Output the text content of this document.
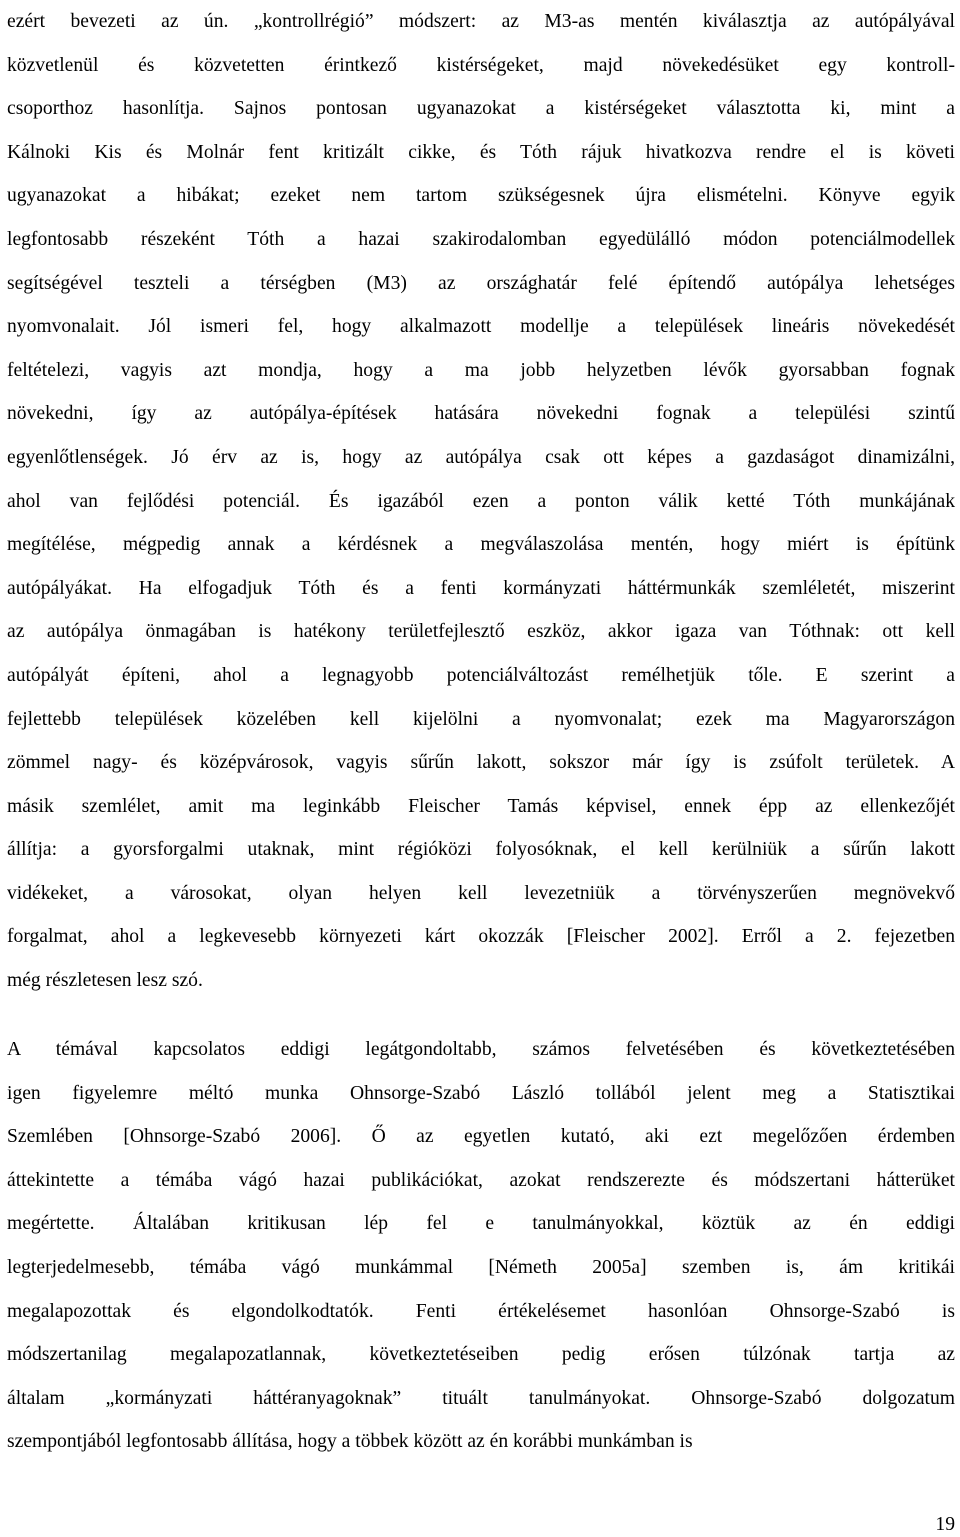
ezért bevezeti az ún. „kontrollrégió” módszert: az M3-as mentén kiválasztja az autópályával
közvetlenül és közvetetten érintkező kistérségeket, majd növekedésüket egy kontroll-
csoporthoz hasonlítja. Sajnos pontosan ugyanazokat a kistérségeket választotta ki, mint a
Kálnoki Kis és Molnár fent kritizált cikke, és Tóth rájuk hivatkozva rendre el is követi
ugyanazokat a hibákat; ezeket nem tartom szükségesnek újra elismételni. Könyve egyik
legfontosabb részeként Tóth a hazai szakirodalomban egyedülálló módon potenciálmodellek
segítségével teszteli a térségben (M3) az országhatár felé építendő autópálya lehetséges
nyomvonalait. Jól ismeri fel, hogy alkalmazott modellje a települések lineáris növekedését
feltételezi, vagyis azt mondja, hogy a ma jobb helyzetben lévők gyorsabban fognak
növekedni, így az autópálya-építések hatására növekedni fognak a települési szintű
egyenlőtlenségek. Jó érv az is, hogy az autópálya csak ott képes a gazdaságot dinamizálni,
ahol van fejlődési potenciál. És igazából ezen a ponton válik ketté Tóth munkájának
megítélése, mégpedig annak a kérdésnek a megválaszolása mentén, hogy miért is építünk
autópályákat. Ha elfogadjuk Tóth és a fenti kormányzati háttérmunkák szemléletét, miszerint
az autópálya önmagában is hatékony területfejlesztő eszköz, akkor igaza van Tóthnak: ott kell
autópályát építeni, ahol a legnagyobb potenciálváltozást remélhetjük tőle. E szerint a
fejlettebb települések közelében kell kijelölni a nyomvonalat; ezek ma Magyarországon
zömmel nagy- és középvárosok, vagyis sűrűn lakott, sokszor már így is zsúfolt területek. A
másik szemlélet, amit ma leginkább Fleischer Tamás képvisel, ennek épp az ellenkezőjét
állítja: a gyorsforgalmi utaknak, mint régióközi folyosóknak, el kell kerülniük a sűrűn lakott
vidékeket, a városokat, olyan helyen kell levezetniük a törvényszerűen megnövekvő
forgalmat, ahol a legkevesebb környezeti kárt okozzák [Fleischer 2002]. Erről a 2. fejezetben
még részletesen lesz szó.
A témával kapcsolatos eddigi legátgondoltabb, számos felvetésében és következtetésében
igen figyelemre méltó munka Ohnsorge-Szabó László tollából jelent meg a Statisztikai
Szemlében [Ohnsorge-Szabó 2006]. Ő az egyetlen kutató, aki ezt megelőzően érdemben
áttekintette a témába vágó hazai publikációkat, azokat rendszerezte és módszertani hátterüket
megértette. Általában kritikusan lép fel e tanulmányokkal, köztük az én eddigi
legterjedelmesebb, témába vágó munkámmal [Németh 2005a] szemben is, ám kritikái
megalapozottak és elgondolkodtatók. Fenti értékelésemet hasonlóan Ohnsorge-Szabó is
módszertanilag megalapozatlannak, következtetéseiben pedig erősen túlzónak tartja az
általam „kormányzati háttéranyagoknak” tituált tanulmányokat. Ohnsorge-Szabó dolgozatum
szempontjából legfontosabb állítása, hogy a többek között az én korábbi munkámban is
19
